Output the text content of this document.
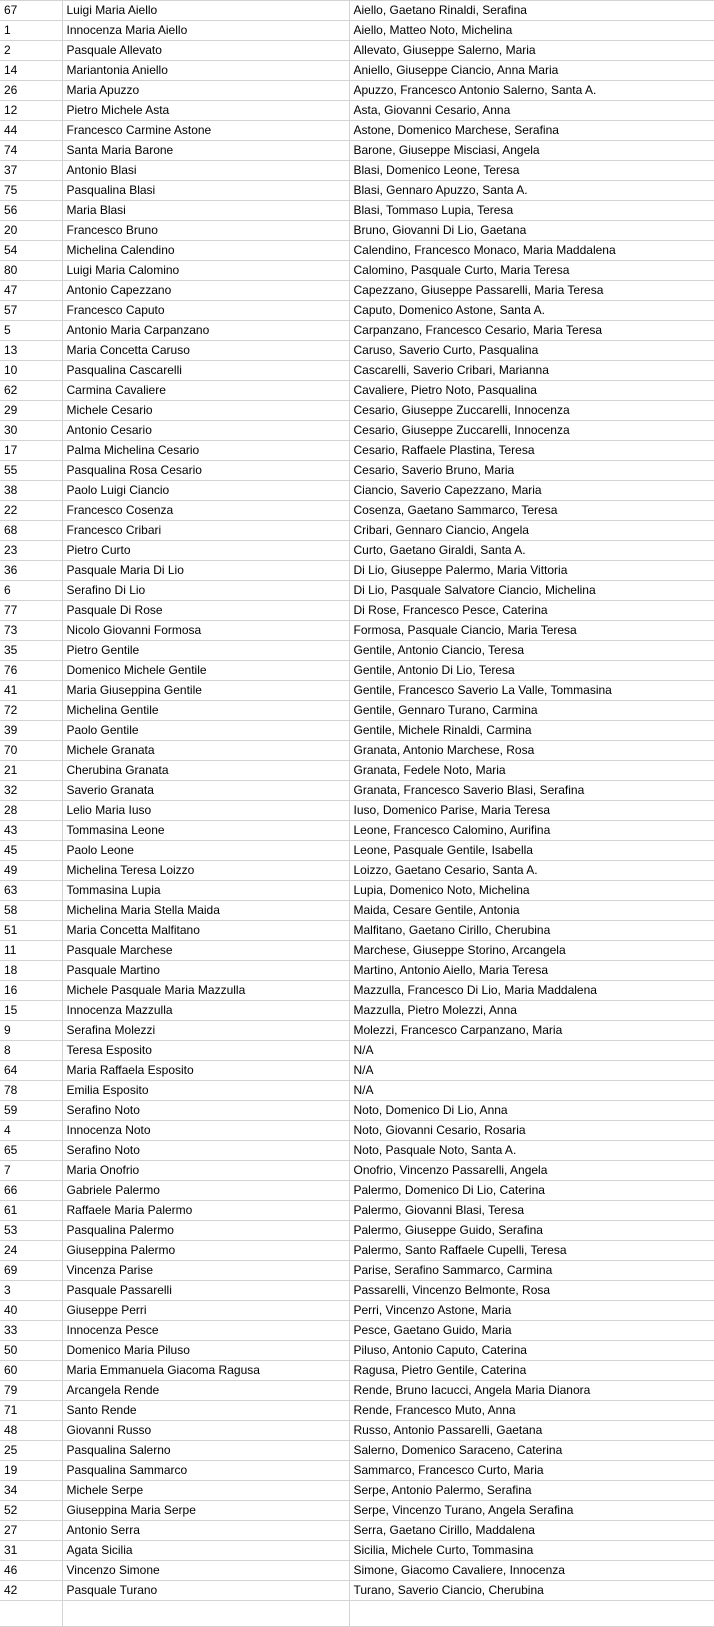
67	Luigi Maria Aiello	Aiello, Gaetano Rinaldi, Serafina
1	Innocenza Maria Aiello	Aiello, Matteo Noto, Michelina
2	Pasquale Allevato	Allevato, Giuseppe Salerno, Maria
14	Mariantonia Aniello	Aniello, Giuseppe Ciancio, Anna Maria
26	Maria Apuzzo	Apuzzo, Francesco Antonio Salerno, Santa A.
12	Pietro Michele Asta	Asta, Giovanni Cesario, Anna
44	Francesco Carmine Astone	Astone, Domenico Marchese, Serafina
74	Santa Maria Barone	Barone, Giuseppe Misciasi, Angela
37	Antonio Blasi	Blasi, Domenico Leone, Teresa
75	Pasqualina Blasi	Blasi, Gennaro Apuzzo, Santa A.
56	Maria Blasi	Blasi, Tommaso Lupia, Teresa
20	Francesco Bruno	Bruno, Giovanni Di Lio, Gaetana
54	Michelina Calendino	Calendino, Francesco Monaco, Maria Maddalena
80	Luigi Maria Calomino	Calomino, Pasquale Curto, Maria Teresa
47	Antonio Capezzano	Capezzano, Giuseppe Passarelli, Maria Teresa
57	Francesco Caputo	Caputo, Domenico Astone, Santa A.
5	Antonio Maria Carpanzano	Carpanzano, Francesco Cesario, Maria Teresa
13	Maria Concetta Caruso	Caruso, Saverio Curto, Pasqualina
10	Pasqualina Cascarelli	Cascarelli, Saverio Cribari, Marianna
62	Carmina Cavaliere	Cavaliere, Pietro Noto, Pasqualina
29	Michele Cesario	Cesario, Giuseppe Zuccarelli, Innocenza
30	Antonio Cesario	Cesario, Giuseppe Zuccarelli, Innocenza
17	Palma Michelina Cesario	Cesario, Raffaele Plastina, Teresa
55	Pasqualina Rosa Cesario	Cesario, Saverio Bruno, Maria
38	Paolo Luigi Ciancio	Ciancio, Saverio Capezzano, Maria
22	Francesco Cosenza	Cosenza, Gaetano Sammarco, Teresa
68	Francesco Cribari	Cribari, Gennaro Ciancio, Angela
23	Pietro Curto	Curto, Gaetano Giraldi, Santa A.
36	Pasquale Maria Di Lio	Di Lio, Giuseppe Palermo, Maria Vittoria
6	Serafino Di Lio	Di Lio, Pasquale Salvatore Ciancio, Michelina
77	Pasquale Di Rose	Di Rose, Francesco Pesce, Caterina
73	Nicolo Giovanni Formosa	Formosa, Pasquale Ciancio, Maria Teresa
35	Pietro Gentile	Gentile, Antonio Ciancio, Teresa
76	Domenico Michele Gentile	Gentile, Antonio Di Lio, Teresa
41	Maria Giuseppina Gentile	Gentile, Francesco Saverio La Valle, Tommasina
72	Michelina Gentile	Gentile, Gennaro Turano, Carmina
39	Paolo Gentile	Gentile, Michele Rinaldi, Carmina
70	Michele Granata	Granata, Antonio Marchese, Rosa
21	Cherubina Granata	Granata, Fedele Noto, Maria
32	Saverio Granata	Granata, Francesco Saverio Blasi, Serafina
28	Lelio Maria Iuso	Iuso, Domenico Parise, Maria Teresa
43	Tommasina Leone	Leone, Francesco Calomino, Aurifina
45	Paolo Leone	Leone, Pasquale Gentile, Isabella
49	Michelina Teresa Loizzo	Loizzo, Gaetano Cesario, Santa A.
63	Tommasina Lupia	Lupia, Domenico Noto, Michelina
58	Michelina Maria Stella Maida	Maida, Cesare Gentile, Antonia
51	Maria Concetta Malfitano	Malfitano, Gaetano Cirillo, Cherubina
11	Pasquale Marchese	Marchese, Giuseppe Storino, Arcangela
18	Pasquale Martino	Martino, Antonio Aiello, Maria Teresa
16	Michele Pasquale Maria Mazzulla	Mazzulla, Francesco Di Lio, Maria Maddalena
15	Innocenza Mazzulla	Mazzulla, Pietro Molezzi, Anna
9	Serafina Molezzi	Molezzi, Francesco Carpanzano, Maria
8	Teresa Esposito	N/A
64	Maria Raffaela Esposito	N/A
78	Emilia Esposito	N/A
59	Serafino Noto	Noto, Domenico Di Lio, Anna
4	Innocenza Noto	Noto, Giovanni Cesario, Rosaria
65	Serafino Noto	Noto, Pasquale Noto, Santa A.
7	Maria Onofrio	Onofrio, Vincenzo Passarelli, Angela
66	Gabriele Palermo	Palermo, Domenico Di Lio, Caterina
61	Raffaele Maria Palermo	Palermo, Giovanni Blasi, Teresa
53	Pasqualina Palermo	Palermo, Giuseppe Guido, Serafina
24	Giuseppina Palermo	Palermo, Santo Raffaele Cupelli, Teresa
69	Vincenza Parise	Parise, Serafino Sammarco, Carmina
3	Pasquale Passarelli	Passarelli, Vincenzo Belmonte, Rosa
40	Giuseppe Perri	Perri, Vincenzo Astone, Maria
33	Innocenza Pesce	Pesce, Gaetano Guido, Maria
50	Domenico Maria Piluso	Piluso, Antonio Caputo, Caterina
60	Maria Emmanuela Giacoma Ragusa	Ragusa, Pietro Gentile, Caterina
79	Arcangela Rende	Rende, Bruno Iacucci, Angela Maria Dianora
71	Santo Rende	Rende, Francesco Muto, Anna
48	Giovanni Russo	Russo, Antonio Passarelli, Gaetana
25	Pasqualina Salerno	Salerno, Domenico Saraceno, Caterina
19	Pasqualina Sammarco	Sammarco, Francesco Curto, Maria
34	Michele Serpe	Serpe, Antonio Palermo, Serafina
52	Giuseppina Maria Serpe	Serpe, Vincenzo Turano, Angela Serafina
27	Antonio Serra	Serra, Gaetano Cirillo, Maddalena
31	Agata Sicilia	Sicilia, Michele Curto, Tommasina
46	Vincenzo Simone	Simone, Giacomo Cavaliere, Innocenza
42	Pasquale Turano	Turano, Saverio Ciancio, Cherubina
